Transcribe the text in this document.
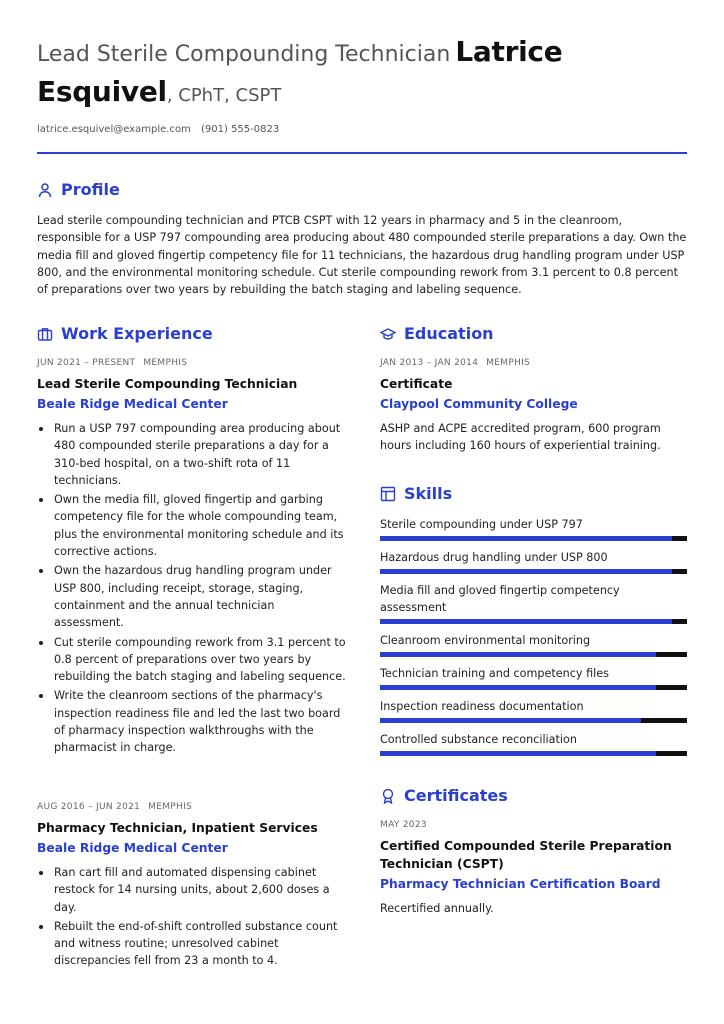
Lead Sterile Compounding Technician Latrice Esquivel, CPhT, CSPT
latrice.esquivel@example.com (901) 555-0823
Profile
Lead sterile compounding technician and PTCB CSPT with 12 years in pharmacy and 5 in the cleanroom, responsible for a USP 797 compounding area producing about 480 compounded sterile preparations a day. Own the media fill and gloved fingertip competency file for 11 technicians, the hazardous drug handling program under USP 800, and the environmental monitoring schedule. Cut sterile compounding rework from 3.1 percent to 0.8 percent of preparations over two years by rebuilding the batch staging and labeling sequence.
Work Experience
JUN 2021 – PRESENT MEMPHIS
Lead Sterile Compounding Technician
Beale Ridge Medical Center
Run a USP 797 compounding area producing about 480 compounded sterile preparations a day for a 310-bed hospital, on a two-shift rota of 11 technicians.
Own the media fill, gloved fingertip and garbing competency file for the whole compounding team, plus the environmental monitoring schedule and its corrective actions.
Own the hazardous drug handling program under USP 800, including receipt, storage, staging, containment and the annual technician assessment.
Cut sterile compounding rework from 3.1 percent to 0.8 percent of preparations over two years by rebuilding the batch staging and labeling sequence.
Write the cleanroom sections of the pharmacy's inspection readiness file and led the last two board of pharmacy inspection walkthroughs with the pharmacist in charge.
AUG 2016 – JUN 2021 MEMPHIS
Pharmacy Technician, Inpatient Services
Beale Ridge Medical Center
Ran cart fill and automated dispensing cabinet restock for 14 nursing units, about 2,600 doses a day.
Rebuilt the end-of-shift controlled substance count and witness routine; unresolved cabinet discrepancies fell from 23 a month to 4.
Education
JAN 2013 – JAN 2014 MEMPHIS
Certificate
Claypool Community College
ASHP and ACPE accredited program, 600 program hours including 160 hours of experiential training.
Skills
Sterile compounding under USP 797
Hazardous drug handling under USP 800
Media fill and gloved fingertip competency assessment
Cleanroom environmental monitoring
Technician training and competency files
Inspection readiness documentation
Controlled substance reconciliation
Certificates
MAY 2023
Certified Compounded Sterile Preparation Technician (CSPT)
Pharmacy Technician Certification Board
Recertified annually.
